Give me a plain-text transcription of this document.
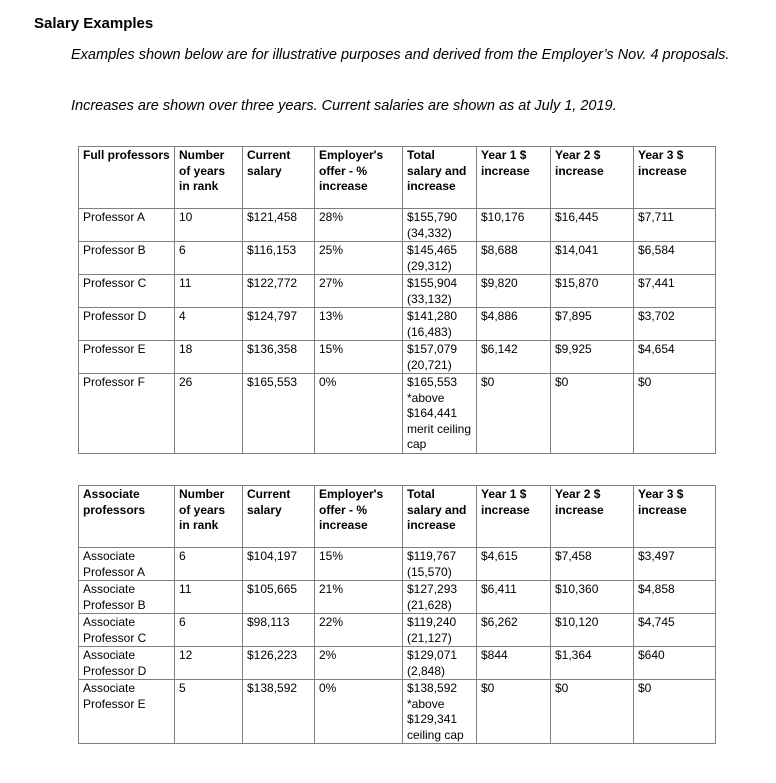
Salary Examples

Examples shown below are for illustrative purposes and derived from the Employer’s Nov. 4 proposals.

Increases are shown over three years. Current salaries are shown as at July 1, 2019.

Full professors	Number of years in rank	Current salary	Employer's offer - % increase	Total salary and increase	Year 1 $ increase	Year 2 $ increase	Year 3 $ increase
Professor A	10	$121,458	28%	$155,790 (34,332)	$10,176	$16,445	$7,711
Professor B	6	$116,153	25%	$145,465 (29,312)	$8,688	$14,041	$6,584
Professor C	11	$122,772	27%	$155,904 (33,132)	$9,820	$15,870	$7,441
Professor D	4	$124,797	13%	$141,280 (16,483)	$4,886	$7,895	$3,702
Professor E	18	$136,358	15%	$157,079 (20,721)	$6,142	$9,925	$4,654
Professor F	26	$165,553	0%	$165,553 *above $164,441 merit ceiling cap	$0	$0	$0
Associate professors	Number of years in rank	Current salary	Employer's offer - % increase	Total salary and increase	Year 1 $ increase	Year 2 $ increase	Year 3 $ increase
Associate Professor A	6	$104,197	15%	$119,767 (15,570)	$4,615	$7,458	$3,497
Associate Professor B	11	$105,665	21%	$127,293 (21,628)	$6,411	$10,360	$4,858
Associate Professor C	6	$98,113	22%	$119,240 (21,127)	$6,262	$10,120	$4,745
Associate Professor D	12	$126,223	2%	$129,071 (2,848)	$844	$1,364	$640
Associate Professor E	5	$138,592	0%	$138,592 *above $129,341 ceiling cap	$0	$0	$0
